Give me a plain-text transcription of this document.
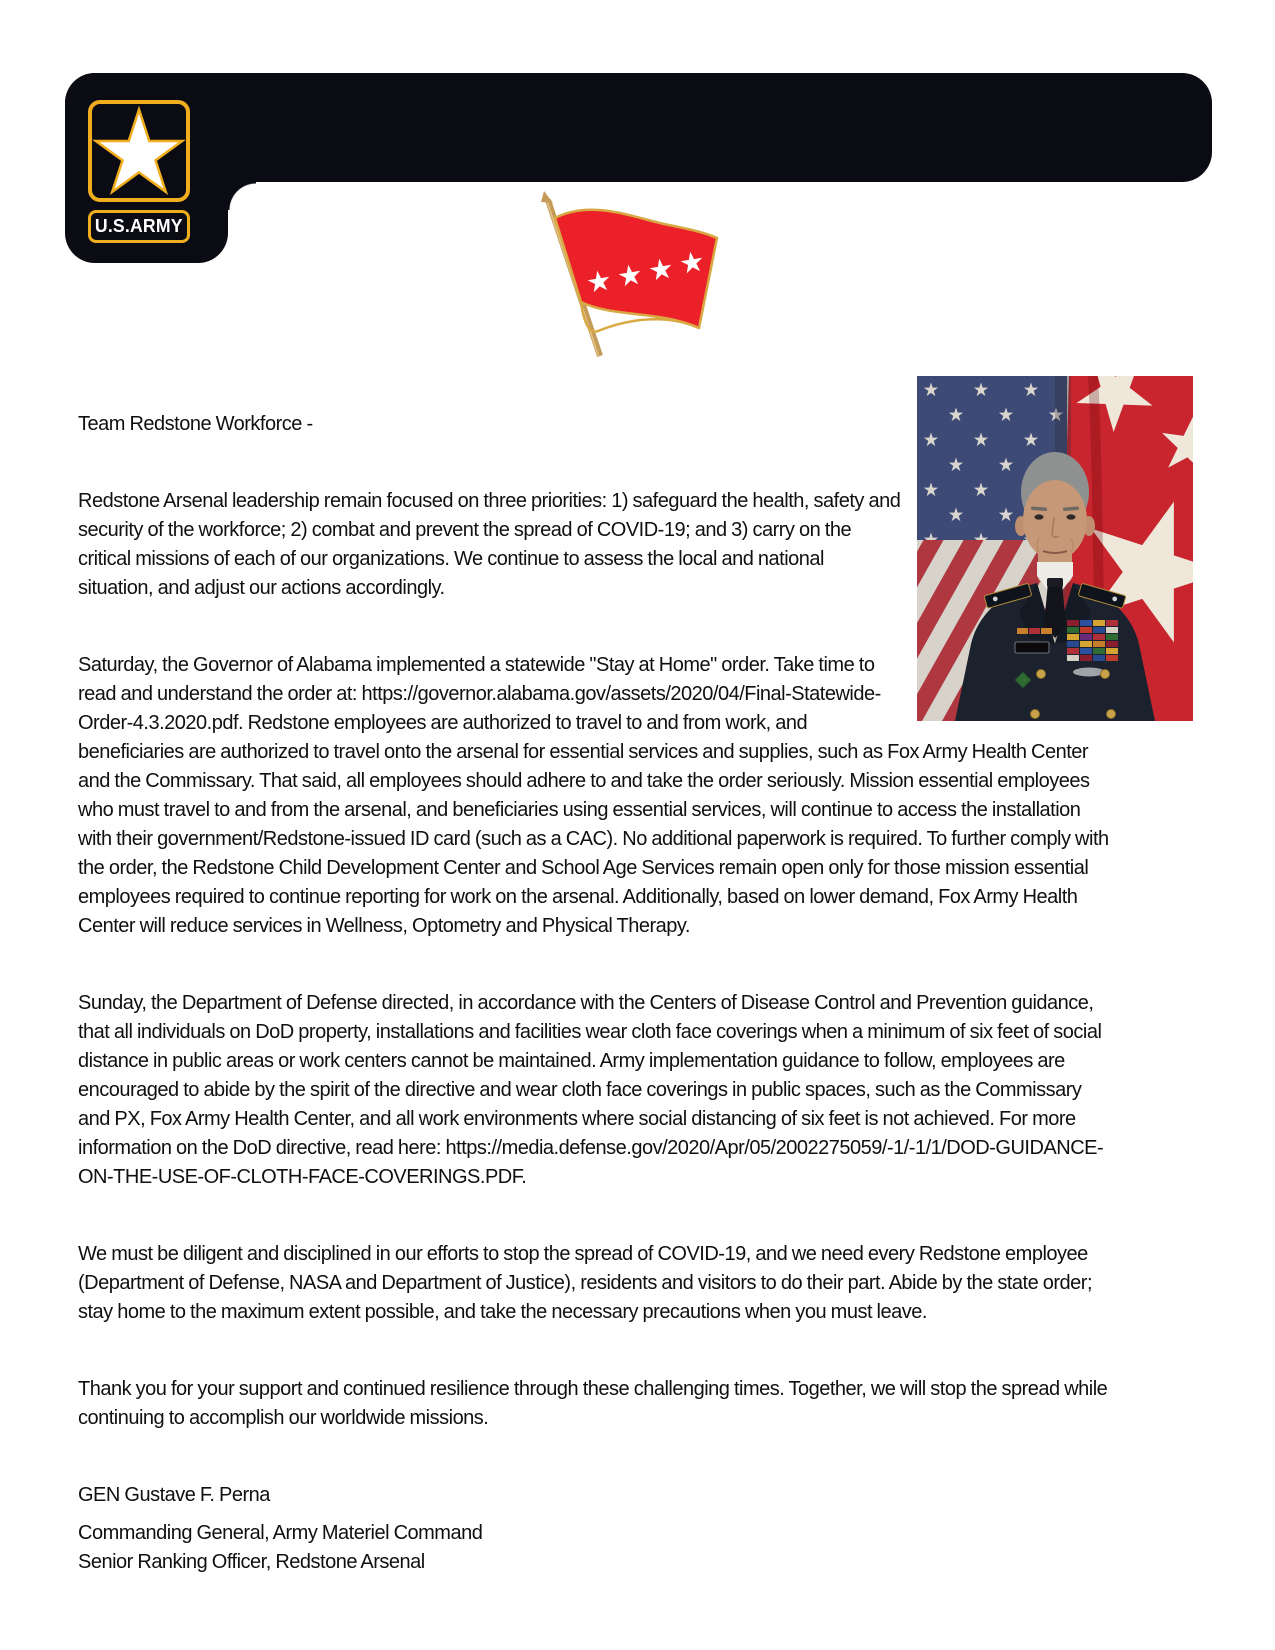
U.S.ARMY

Team Redstone Workforce -

Redstone Arsenal leadership remain focused on three priorities: 1) safeguard the health, safety and security of the workforce; 2) combat and prevent the spread of COVID-19; and 3) carry on the critical missions of each of our organizations. We continue to assess the local and national situation, and adjust our actions accordingly.

Saturday, the Governor of Alabama implemented a statewide "Stay at Home" order. Take time to read and understand the order at: https://governor.alabama.gov/assets/2020/04/Final-Statewide-Order-4.3.2020.pdf. Redstone employees are authorized to travel to and from work, and beneficiaries are authorized to travel onto the arsenal for essential services and supplies, such as Fox Army Health Center and the Commissary. That said, all employees should adhere to and take the order seriously. Mission essential employees who must travel to and from the arsenal, and beneficiaries using essential services, will continue to access the installation with their government/Redstone-issued ID card (such as a CAC). No additional paperwork is required. To further comply with the order, the Redstone Child Development Center and School Age Services remain open only for those mission essential employees required to continue reporting for work on the arsenal. Additionally, based on lower demand, Fox Army Health Center will reduce services in Wellness, Optometry and Physical Therapy.

Sunday, the Department of Defense directed, in accordance with the Centers of Disease Control and Prevention guidance, that all individuals on DoD property, installations and facilities wear cloth face coverings when a minimum of six feet of social distance in public areas or work centers cannot be maintained. Army implementation guidance to follow, employees are encouraged to abide by the spirit of the directive and wear cloth face coverings in public spaces, such as the Commissary and PX, Fox Army Health Center, and all work environments where social distancing of six feet is not achieved. For more information on the DoD directive, read here: https://media.defense.gov/2020/Apr/05/2002275059/-1/-1/1/DOD-GUIDANCE-ON-THE-USE-OF-CLOTH-FACE-COVERINGS.PDF.

We must be diligent and disciplined in our efforts to stop the spread of COVID-19, and we need every Redstone employee (Department of Defense, NASA and Department of Justice), residents and visitors to do their part. Abide by the state order; stay home to the maximum extent possible, and take the necessary precautions when you must leave.

Thank you for your support and continued resilience through these challenging times. Together, we will stop the spread while continuing to accomplish our worldwide missions.

GEN Gustave F. Perna

Commanding General, Army Materiel Command
Senior Ranking Officer, Redstone Arsenal
